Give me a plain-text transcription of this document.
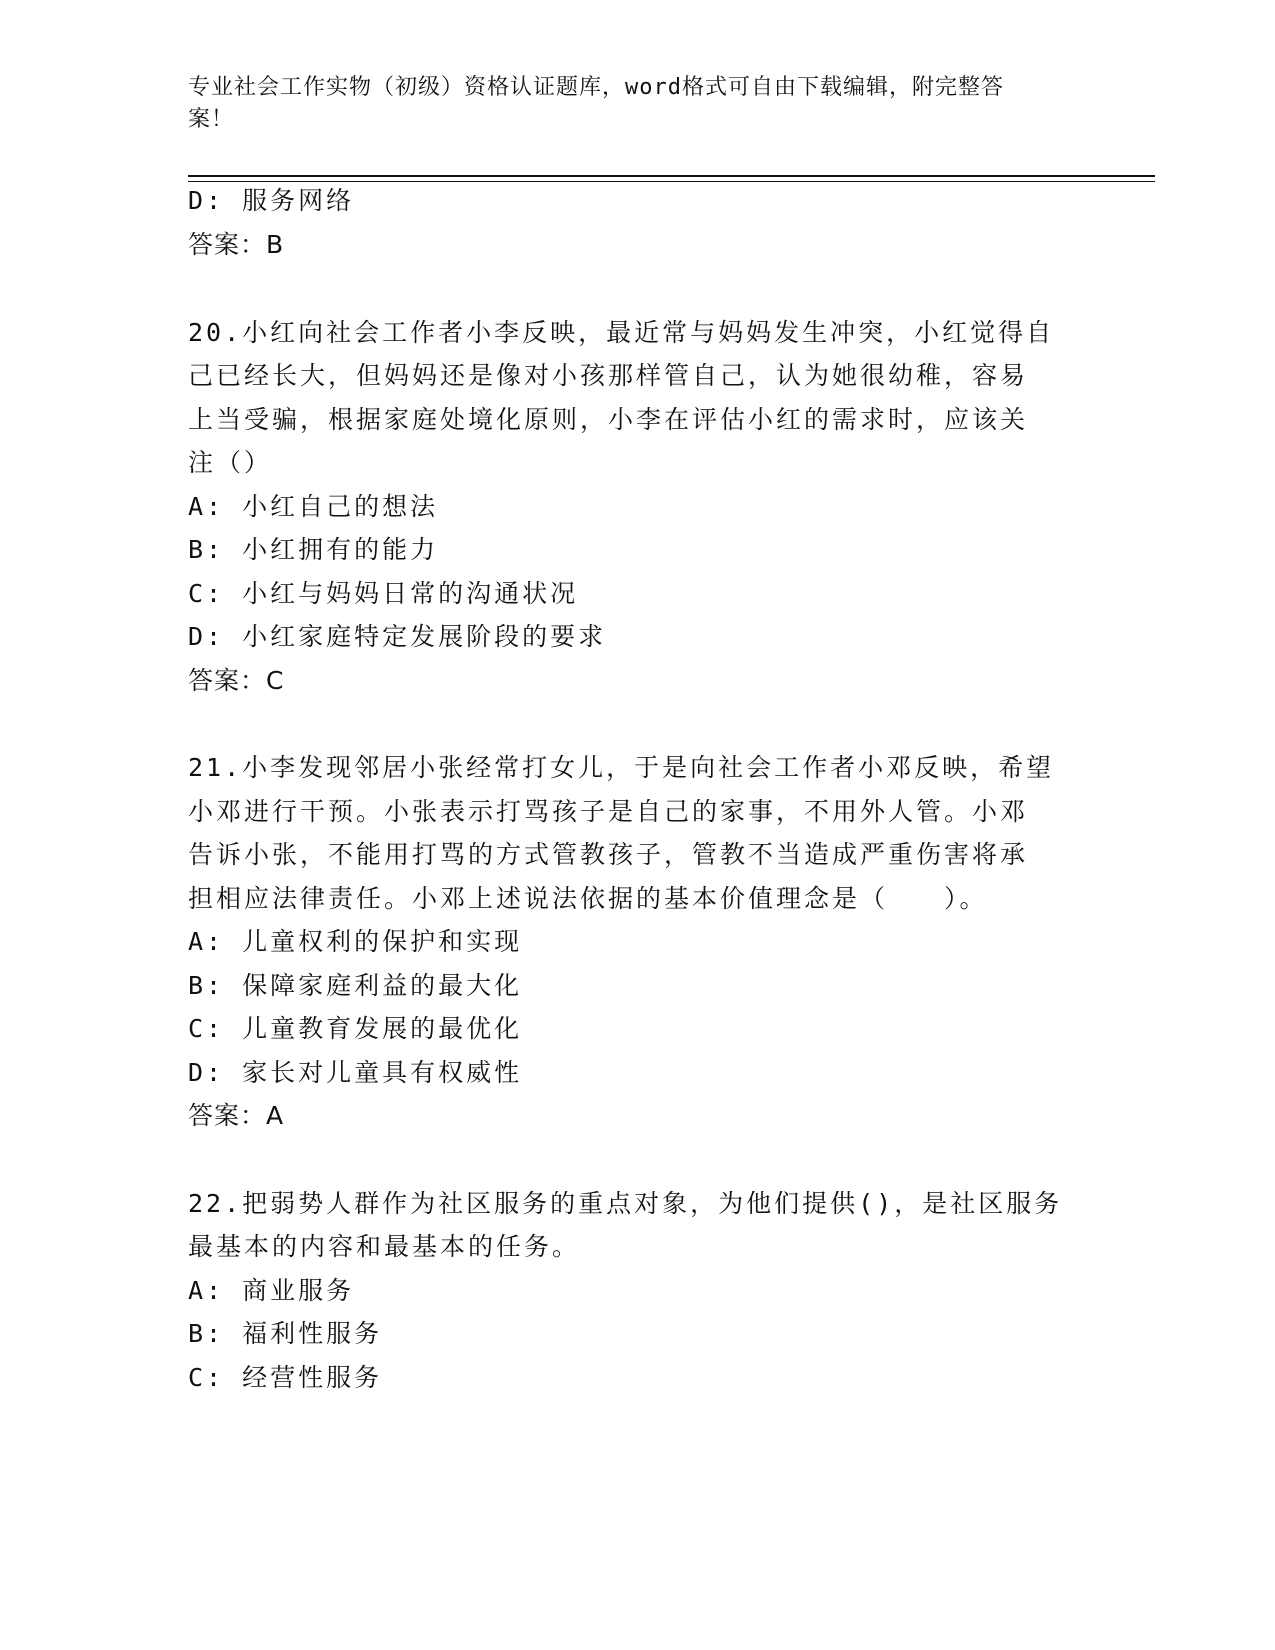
专业社会工作实物（初级）资格认证题库，word格式可自由下载编辑，附完整答
案！
D: 服务网络
答案：B
20.小红向社会工作者小李反映，最近常与妈妈发生冲突，小红觉得自
己已经长大，但妈妈还是像对小孩那样管自己，认为她很幼稚，容易
上当受骗，根据家庭处境化原则，小李在评估小红的需求时，应该关
注（）
A: 小红自己的想法
B: 小红拥有的能力
C: 小红与妈妈日常的沟通状况
D: 小红家庭特定发展阶段的要求
答案：C
21.小李发现邻居小张经常打女儿，于是向社会工作者小邓反映，希望
小邓进行干预。小张表示打骂孩子是自己的家事，不用外人管。小邓
告诉小张，不能用打骂的方式管教孩子，管教不当造成严重伤害将承
担相应法律责任。小邓上述说法依据的基本价值理念是（　　）。
A: 儿童权利的保护和实现
B: 保障家庭利益的最大化
C: 儿童教育发展的最优化
D: 家长对儿童具有权威性
答案：A
22.把弱势人群作为社区服务的重点对象，为他们提供()，是社区服务
最基本的内容和最基本的任务。
A: 商业服务
B: 福利性服务
C: 经营性服务
